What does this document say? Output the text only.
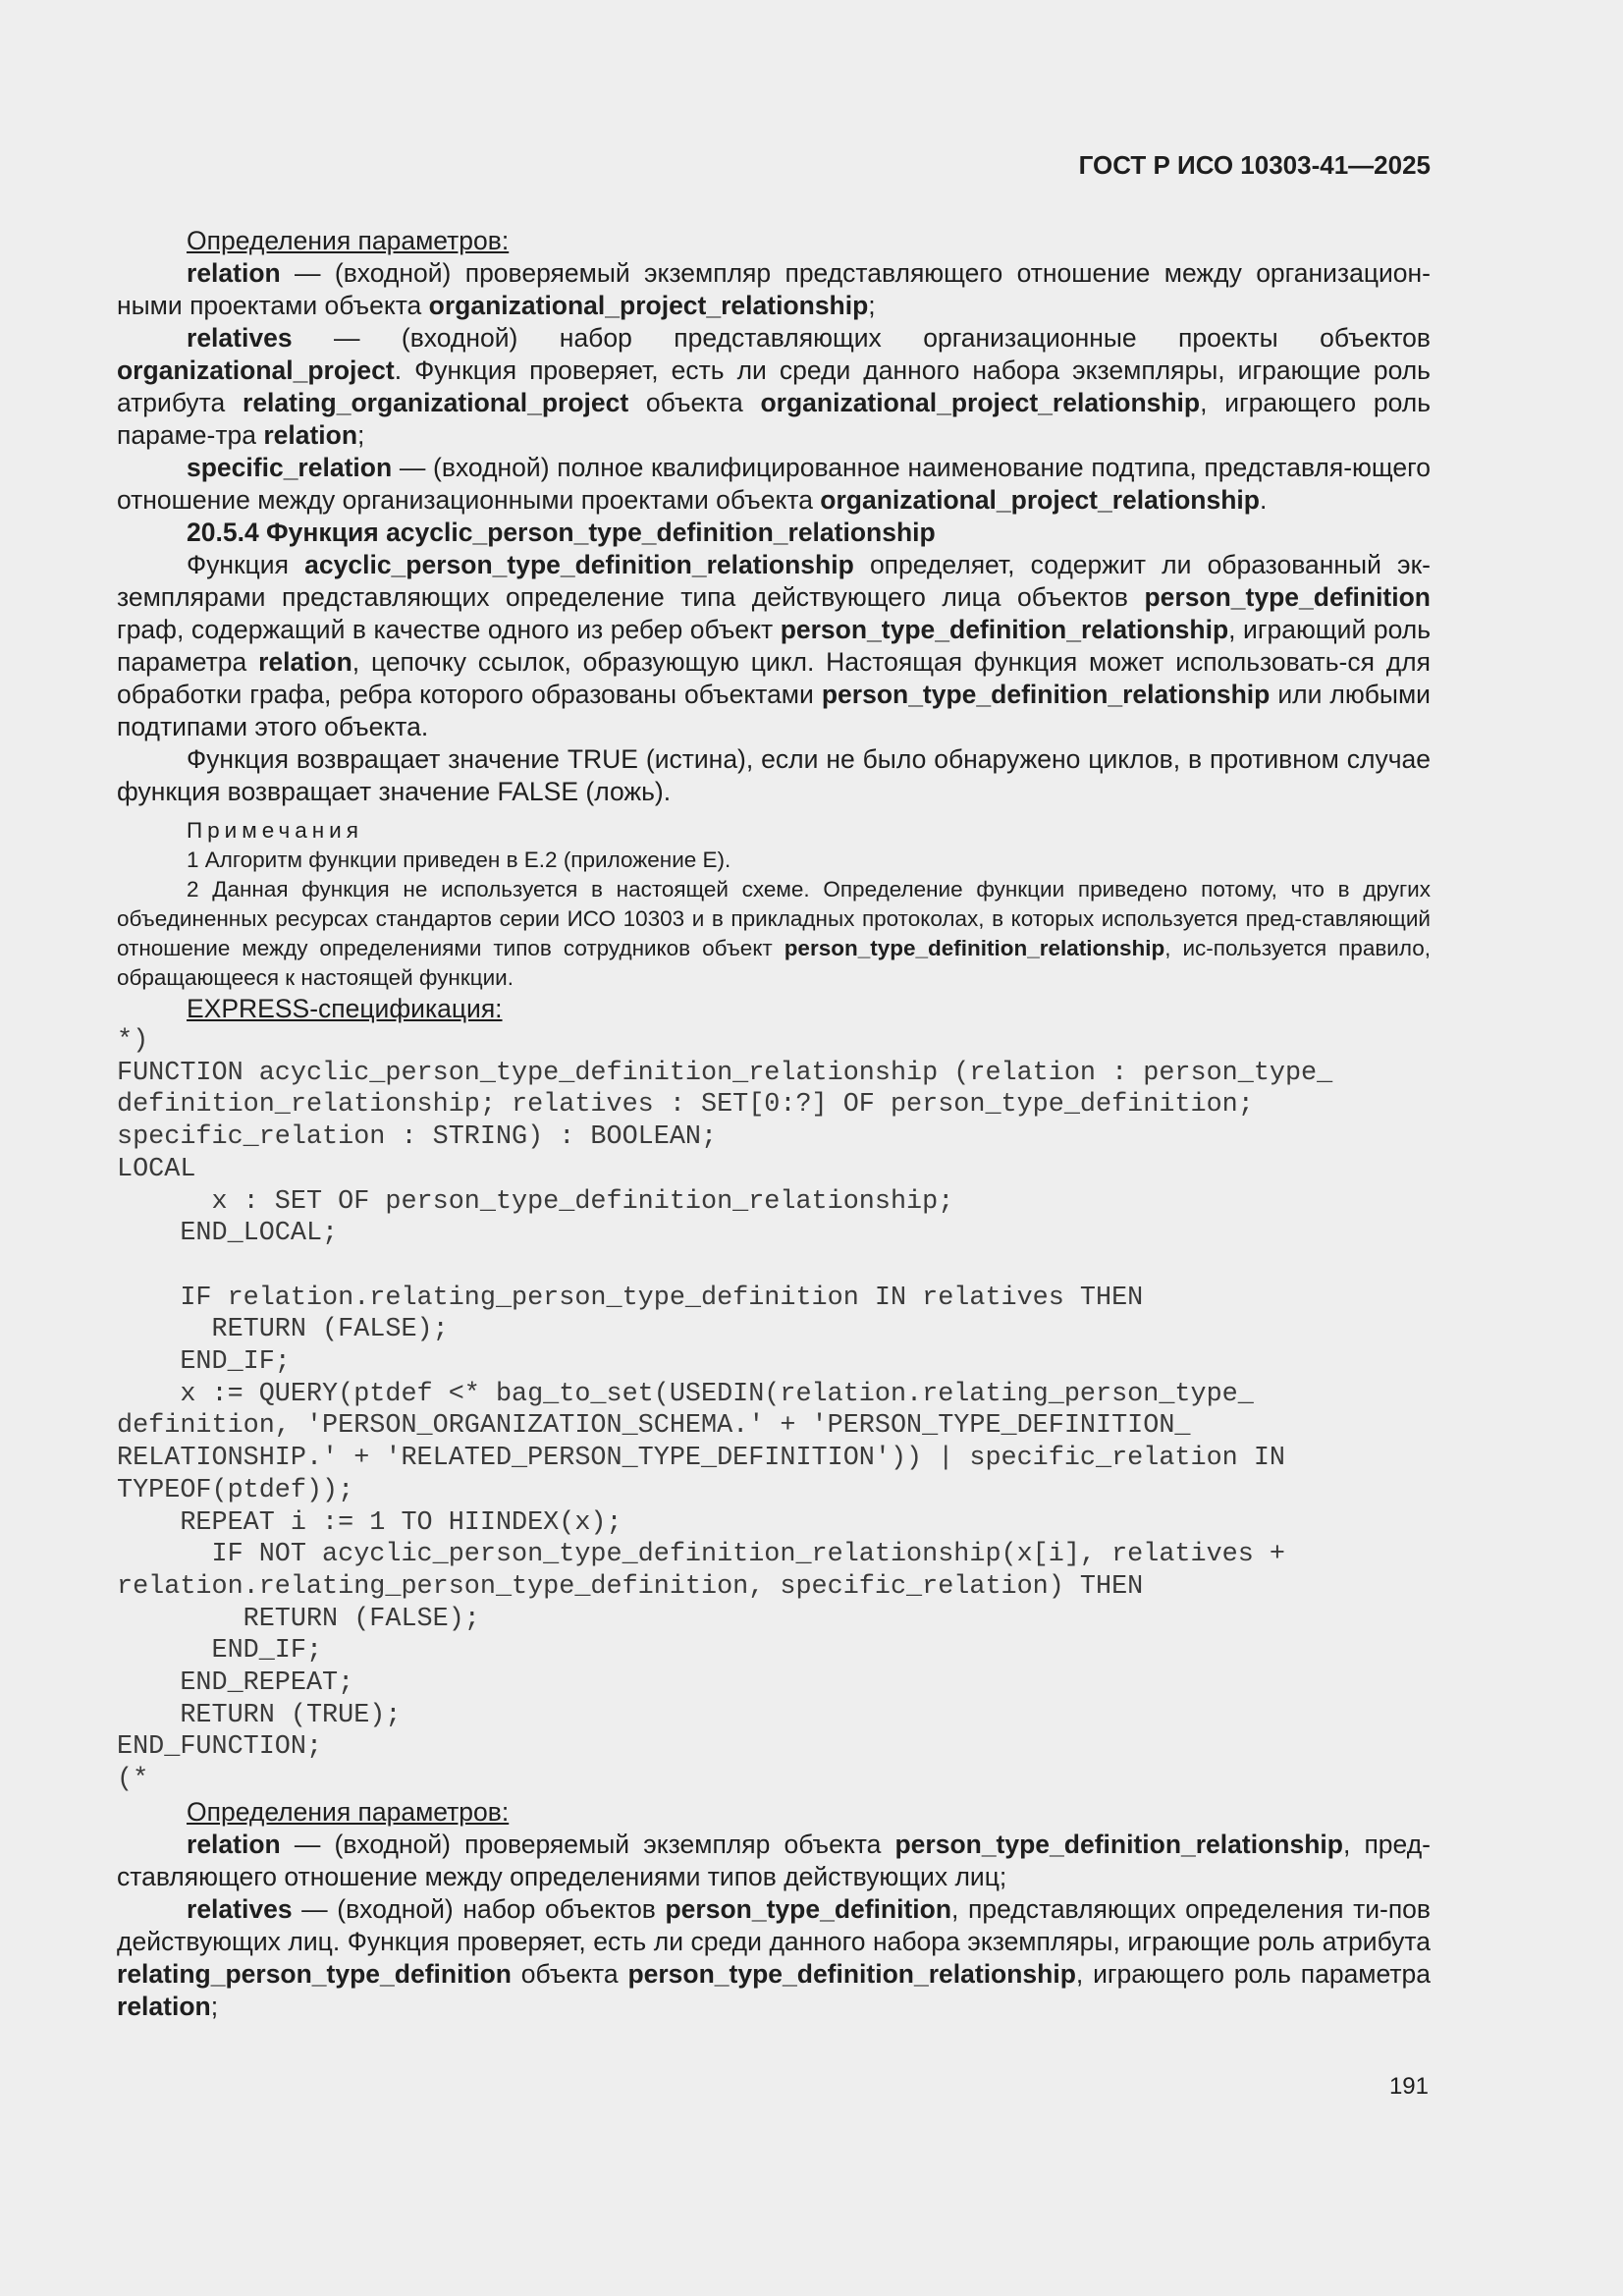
ГОСТ Р ИСО 10303-41—2025

Определения параметров:

relation — (входной) проверяемый экземпляр представляющего отношение между организацион-ными проектами объекта organizational_project_relationship;

relatives — (входной) набор представляющих организационные проекты объектов organizational_project. Функция проверяет, есть ли среди данного набора экземпляры, играющие роль атрибута relating_organizational_project объекта organizational_project_relationship, играющего роль параме-тра relation;

specific_relation — (входной) полное квалифицированное наименование подтипа, представля-ющего отношение между организационными проектами объекта organizational_project_relationship.

20.5.4 Функция acyclic_person_type_definition_relationship

Функция acyclic_person_type_definition_relationship определяет, содержит ли образованный эк-земплярами представляющих определение типа действующего лица объектов person_type_definition граф, содержащий в качестве одного из ребер объект person_type_definition_relationship, играющий роль параметра relation, цепочку ссылок, образующую цикл. Настоящая функция может использовать-ся для обработки графа, ребра которого образованы объектами person_type_definition_relationship или любыми подтипами этого объекта.

Функция возвращает значение TRUE (истина), если не было обнаружено циклов, в противном случае функция возвращает значение FALSE (ложь).

Примечания

1 Алгоритм функции приведен в Е.2 (приложение Е).

2 Данная функция не используется в настоящей схеме. Определение функции приведено потому, что в других объединенных ресурсах стандартов серии ИСО 10303 и в прикладных протоколах, в которых используется пред-ставляющий отношение между определениями типов сотрудников объект person_type_definition_relationship, ис-пользуется правило, обращающееся к настоящей функции.

EXPRESS-спецификация:

*)
FUNCTION acyclic_person_type_definition_relationship (relation : person_type_
definition_relationship; relatives : SET[0:?] OF person_type_definition;
specific_relation : STRING) : BOOLEAN;
LOCAL
x : SET OF person_type_definition_relationship;
END_LOCAL;

IF relation.relating_person_type_definition IN relatives THEN
RETURN (FALSE);
END_IF;
x := QUERY(ptdef <* bag_to_set(USEDIN(relation.relating_person_type_
definition, 'PERSON_ORGANIZATION_SCHEMA.' + 'PERSON_TYPE_DEFINITION_
RELATIONSHIP.' + 'RELATED_PERSON_TYPE_DEFINITION')) | specific_relation IN
TYPEOF(ptdef));
REPEAT i := 1 TO HIINDEX(x);
IF NOT acyclic_person_type_definition_relationship(x[i], relatives +
relation.relating_person_type_definition, specific_relation) THEN
RETURN (FALSE);
END_IF;
END_REPEAT;
RETURN (TRUE);
END_FUNCTION;
(*

Определения параметров:

relation — (входной) проверяемый экземпляр объекта person_type_definition_relationship, пред-ставляющего отношение между определениями типов действующих лиц;

relatives — (входной) набор объектов person_type_definition, представляющих определения ти-пов действующих лиц. Функция проверяет, есть ли среди данного набора экземпляры, играющие роль атрибута relating_person_type_definition объекта person_type_definition_relationship, играющего роль параметра relation;

191
